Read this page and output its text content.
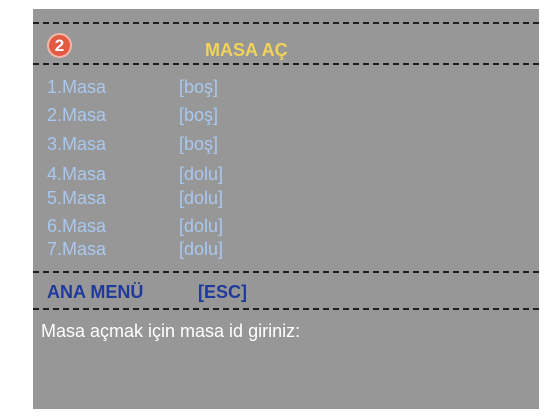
2	MASA AÇ
1.Masa	[boş]
2.Masa	[boş]
3.Masa	[boş]
4.Masa	[dolu]
5.Masa	[dolu]
6.Masa	[dolu]
7.Masa	[dolu]
ANA MENÜ	[ESC]
Masa açmak için masa id giriniz:
